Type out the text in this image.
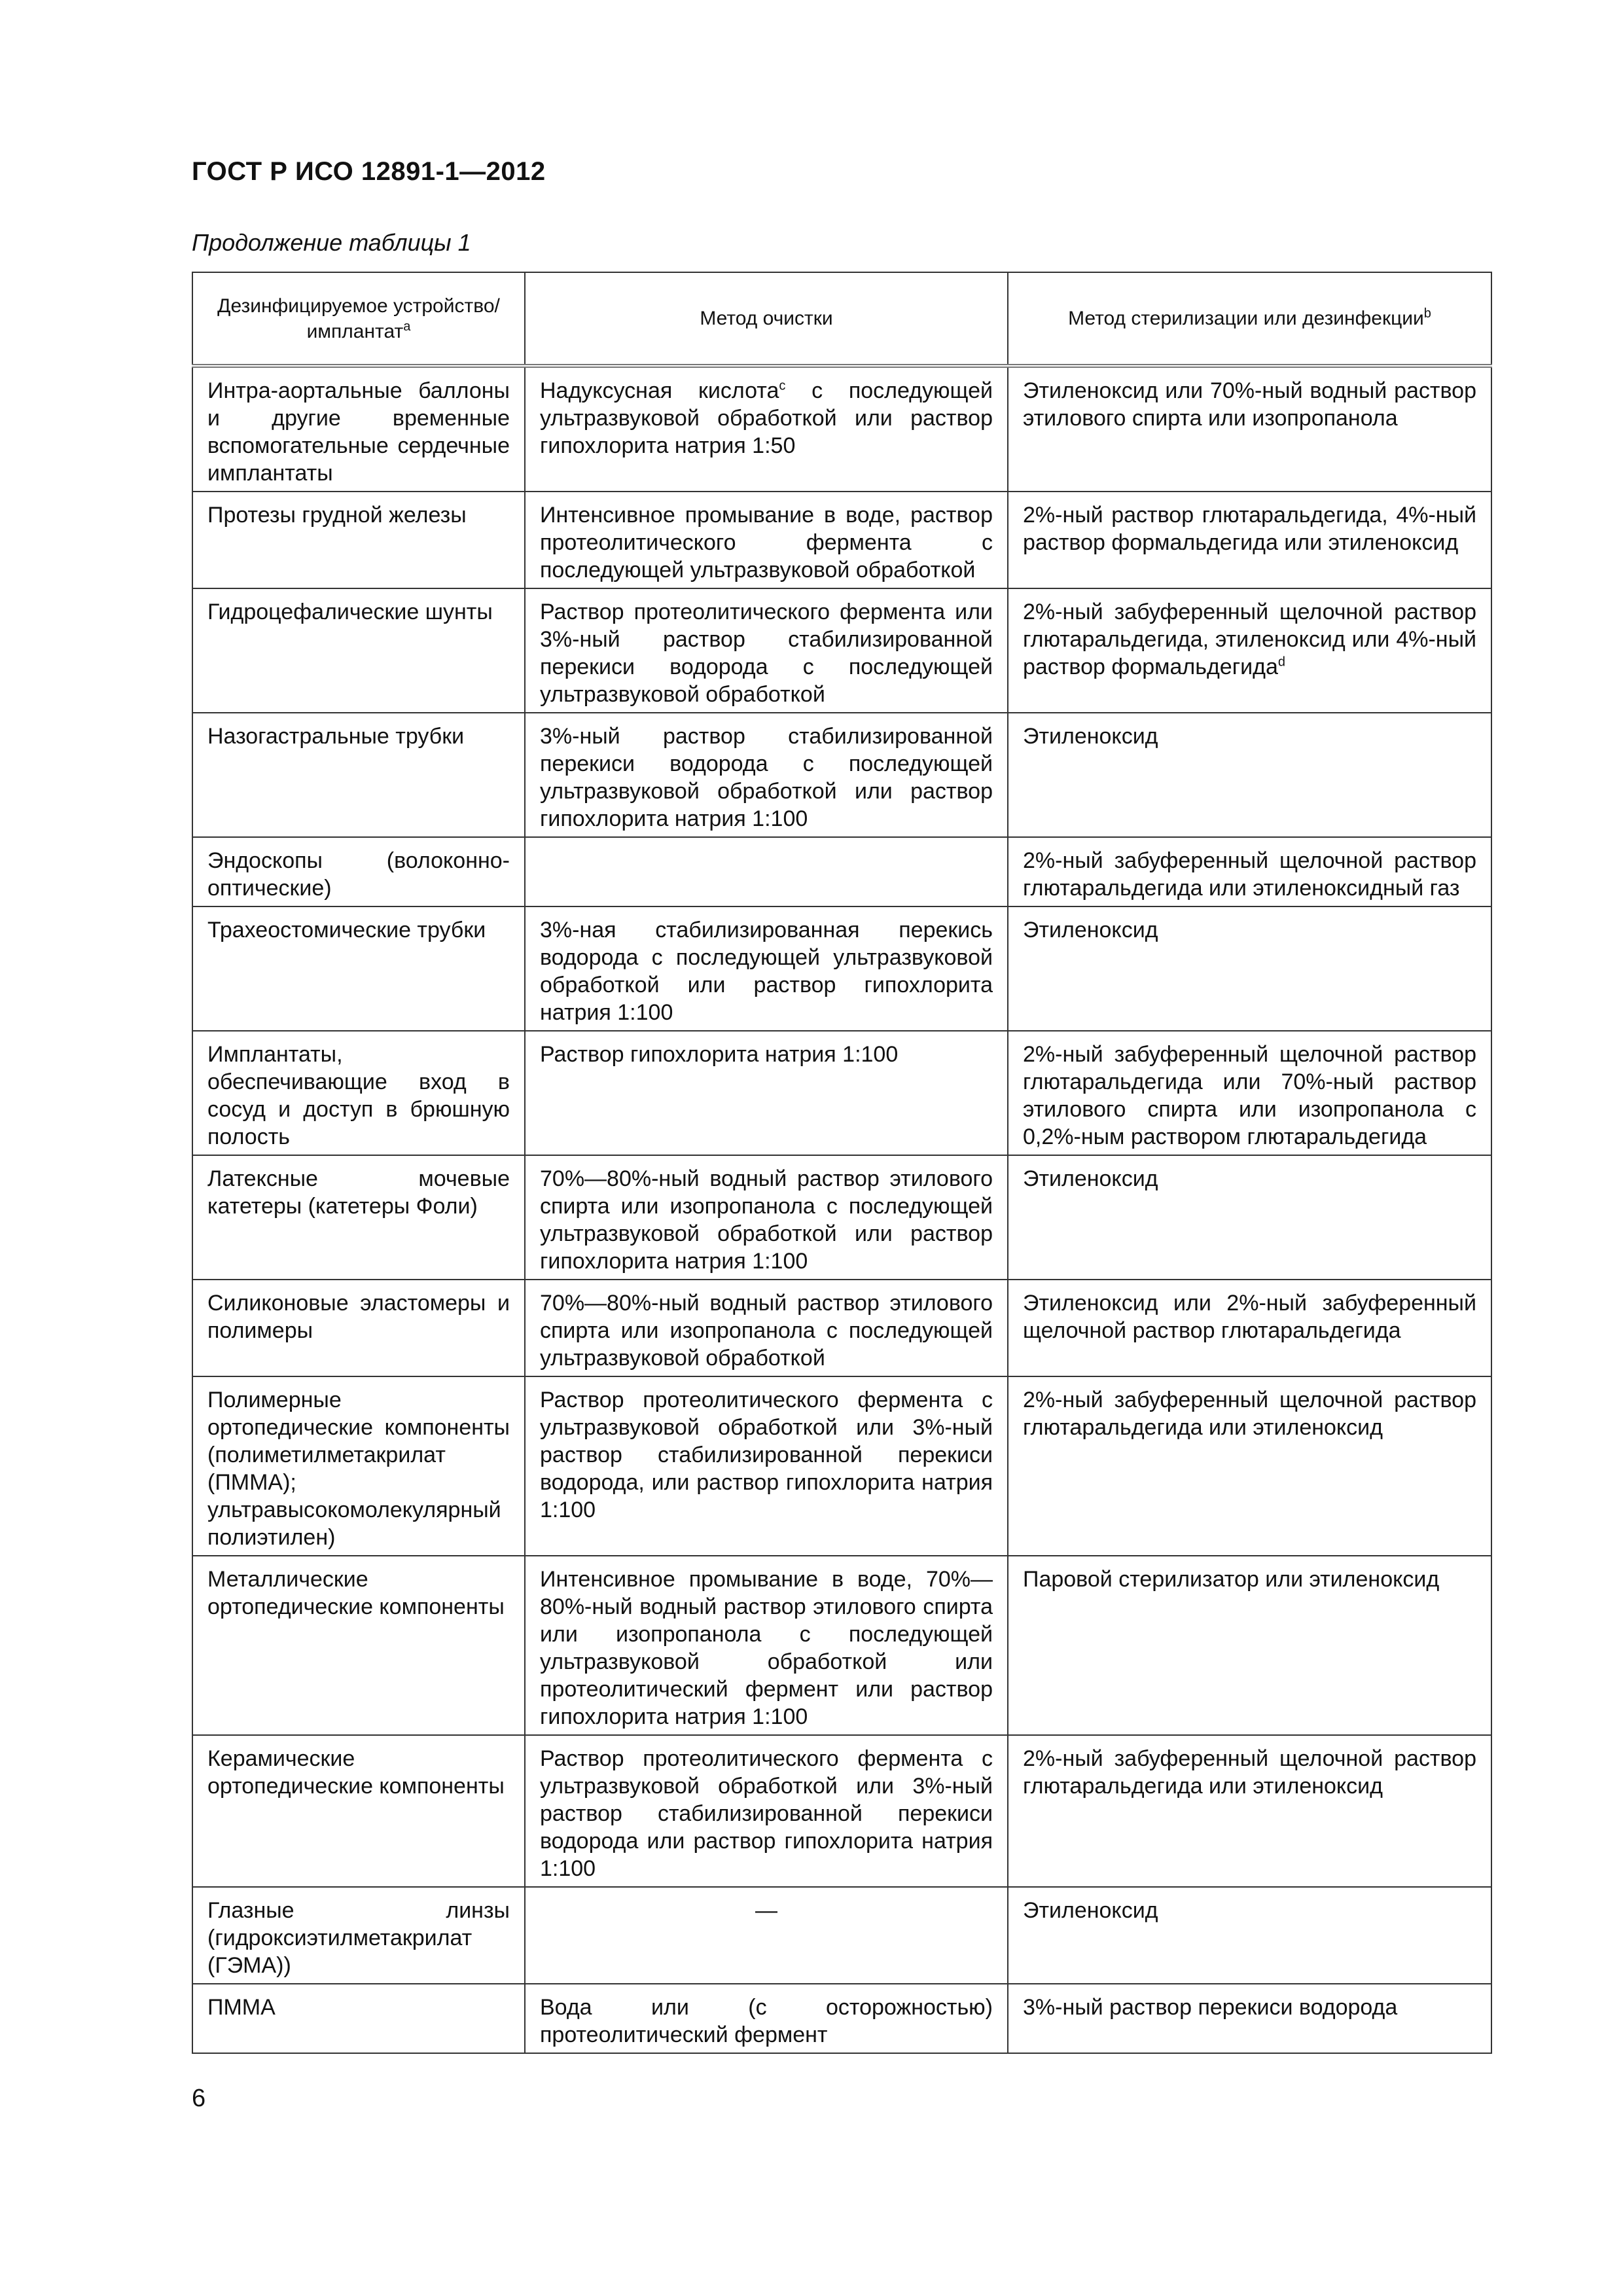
ГОСТ Р ИСО 12891-1—2012
Продолжение таблицы 1
Дезинфицируемое устройство/имплантат$^a$	Метод очистки	Метод стерилизации или дезинфекции$^b$
Интра-аортальные баллоны и другие временные вспомогательные сердечные имплантаты	Надуксусная кислота$^c$ с последующей ультразвуковой обработкой или раствор гипохлорита натрия 1:50	Этиленоксид или 70%-ный водный раствор этилового спирта или изопропанола
Протезы грудной железы	Интенсивное промывание в воде, раствор протеолитического фермента с последующей ультразвуковой обработкой	2%-ный раствор глютаральдегида, 4%-ный раствор формальдегида или этиленоксид
Гидроцефалические шунты	Раствор протеолитического фермента или 3%-ный раствор стабилизированной перекиси водорода с последующей ультразвуковой обработкой	2%-ный забуференный щелочной раствор глютаральдегида, этиленоксид или 4%-ный раствор формальдегида$^d$
Назогастральные трубки	3%-ный раствор стабилизированной перекиси водорода с последующей ультразвуковой обработкой или раствор гипохлорита натрия 1:100	Этиленоксид
Эндоскопы (волоконно-оптические)		2%-ный забуференный щелочной раствор глютаральдегида или этиленоксидный газ
Трахеостомические трубки	3%-ная стабилизированная перекись водорода с последующей ультразвуковой обработкой или раствор гипохлорита натрия 1:100	Этиленоксид
Имплантаты, обеспечивающие вход в сосуд и доступ в брюшную полость	Раствор гипохлорита натрия 1:100	2%-ный забуференный щелочной раствор глютаральдегида или 70%-ный раствор этилового спирта или изопропанола с 0,2%-ным раствором глютаральдегида
Латексные мочевые катетеры (катетеры Фоли)	70%—80%-ный водный раствор этилового спирта или изопропанола с последующей ультразвуковой обработкой или раствор гипохлорита натрия 1:100	Этиленоксид
Силиконовые эластомеры и полимеры	70%—80%-ный водный раствор этилового спирта или изопропанола с последующей ультразвуковой обработкой	Этиленоксид или 2%-ный забуференный щелочной раствор глютаральдегида
Полимерные ортопедические компоненты (полиметилметакрилат (ПММА); ультравысокомолекулярный полиэтилен)	Раствор протеолитического фермента с ультразвуковой обработкой или 3%-ный раствор стабилизированной перекиси водорода, или раствор гипохлорита натрия 1:100	2%-ный забуференный щелочной раствор глютаральдегида или этиленоксид
Металлические ортопедические компоненты	Интенсивное промывание в воде, 70%—80%-ный водный раствор этилового спирта или изопропанола с последующей ультразвуковой обработкой или протеолитический фермент или раствор гипохлорита натрия 1:100	Паровой стерилизатор или этиленоксид
Керамические ортопедические компоненты	Раствор протеолитического фермента с ультразвуковой обработкой или 3%-ный раствор стабилизированной перекиси водорода или раствор гипохлорита натрия 1:100	2%-ный забуференный щелочной раствор глютаральдегида или этиленоксид
Глазные линзы (гидроксиэтилметакрилат (ГЭМА))	—	Этиленоксид
ПММА	Вода или (с осторожностью) протеолитический фермент	3%-ный раствор перекиси водорода
6
